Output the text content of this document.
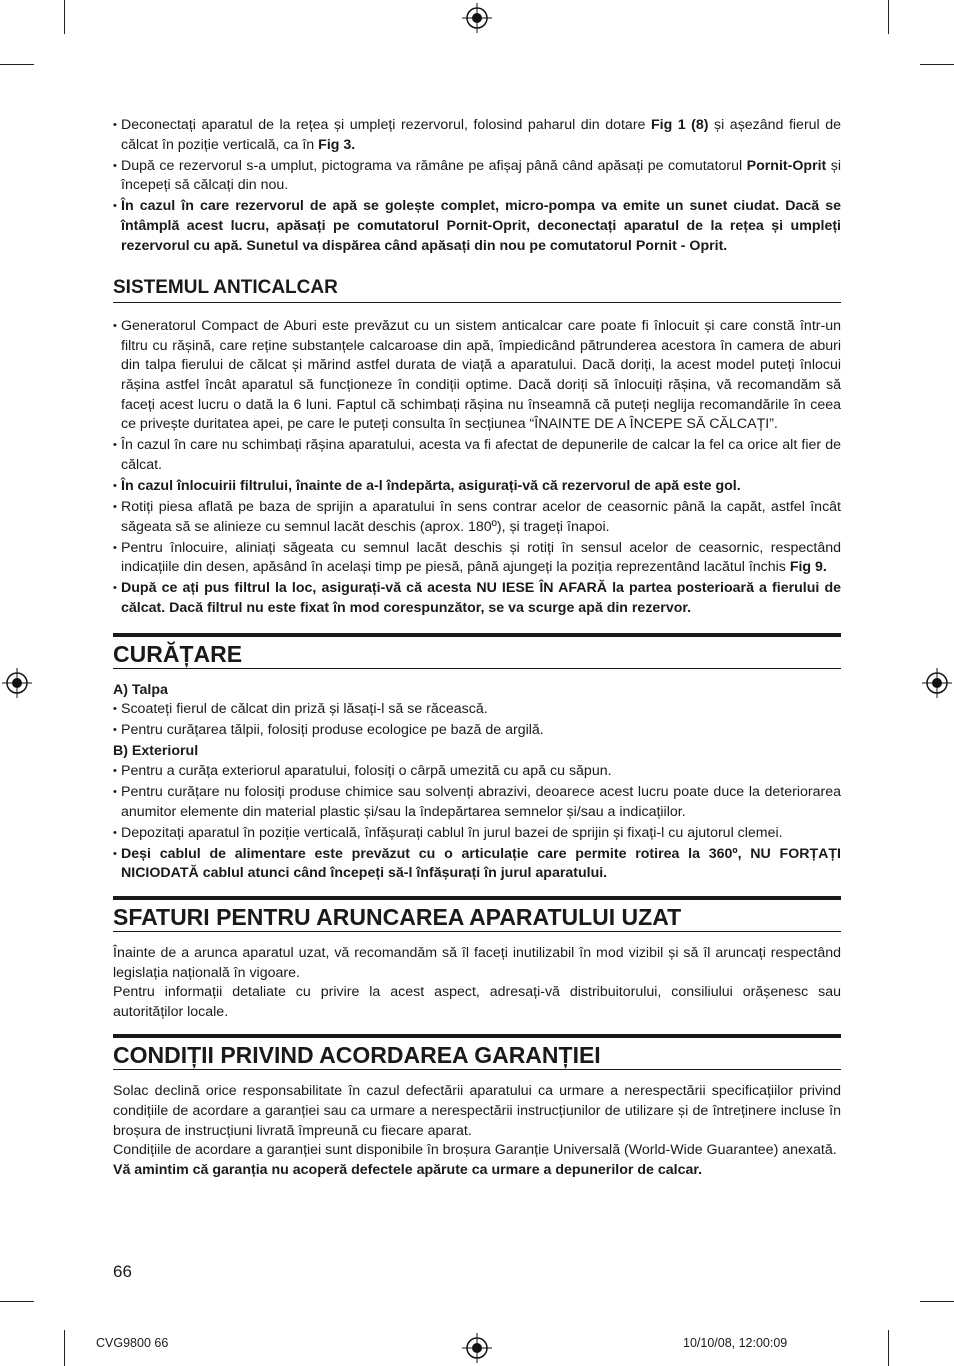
• Deconectați aparatul de la rețea și umpleți rezervorul, folosind paharul din dotare Fig 1 (8) și așezând fierul de călcat în poziție verticală, ca în Fig 3.
• După ce rezervorul s-a umplut, pictograma va rămâne pe afișaj până când apăsați pe comutatorul Pornit-Oprit și începeți să călcați din nou.
• În cazul în care rezervorul de apă se golește complet, micro-pompa va emite un sunet ciudat. Dacă se întâmplă acest lucru, apăsați pe comutatorul Pornit-Oprit, deconectați aparatul de la rețea și umpleți rezervorul cu apă. Sunetul va dispărea când apăsați din nou pe comutatorul Pornit - Oprit.
SISTEMUL ANTICALCAR
• Generatorul Compact de Aburi este prevăzut cu un sistem anticalcar care poate fi înlocuit și care constă într-un filtru cu rășină, care reține substanțele calcaroase din apă, împiedicând pătrunderea acestora în camera de aburi din talpa fierului de călcat și mărind astfel durata de viață a aparatului. Dacă doriți, la acest model puteți înlocui rășina astfel încât aparatul să funcționeze în condiții optime. Dacă doriți să înlocuiți rășina, vă recomandăm să faceți acest lucru o dată la 6 luni. Faptul că schimbați rășina nu înseamnă că puteți neglija recomandările în ceea ce privește duritatea apei, pe care le puteți consulta în secțiunea “ÎNAINTE DE A ÎNCEPE SĂ CĂLCAȚI”.
• În cazul în care nu schimbați rășina aparatului, acesta va fi afectat de depunerile de calcar la fel ca orice alt fier de călcat.
• În cazul înlocuirii filtrului, înainte de a-l îndepărta, asigurați-vă că rezervorul de apă este gol.
• Rotiți piesa aflată pe baza de sprijin a aparatului în sens contrar acelor de ceasornic până la capăt, astfel încât săgeata să se alinieze cu semnul lacăt deschis (aprox. 180º), și trageți înapoi.
• Pentru înlocuire, aliniați săgeata cu semnul lacăt deschis și rotiți în sensul acelor de ceasornic, respectând indicațiile din desen, apăsând în același timp pe piesă, până ajungeți la poziția reprezentând lacătul închis Fig 9.
• După ce ați pus filtrul la loc, asigurați-vă că acesta NU IESE ÎN AFARĂ la partea posterioară a fierului de călcat. Dacă filtrul nu este fixat în mod corespunzător, se va scurge apă din rezervor.
CURĂȚARE
A) Talpa
• Scoateți fierul de călcat din priză și lăsați-l să se răcească.
• Pentru curățarea tălpii, folosiți produse ecologice pe bază de argilă.
B) Exteriorul
• Pentru a curăța exteriorul aparatului, folosiți o cârpă umezită cu apă cu săpun.
• Pentru curățare nu folosiți produse chimice sau solvenți abrazivi, deoarece acest lucru poate duce la deteriorarea anumitor elemente din material plastic și/sau la îndepărtarea semnelor și/sau a indicațiilor.
• Depozitați aparatul în poziție verticală, înfășurați cablul în jurul bazei de sprijin și fixați-l cu ajutorul clemei.
• Deși cablul de alimentare este prevăzut cu o articulație care permite rotirea la 360º, NU FORȚAȚI NICIODATĂ cablul atunci când începeți să-l înfășurați în jurul aparatului.
SFATURI PENTRU ARUNCAREA APARATULUI UZAT

Înainte de a arunca aparatul uzat, vă recomandăm să îl faceți inutilizabil în mod vizibil și să îl aruncați respectând legislația națională în vigoare.

Pentru informații detaliate cu privire la acest aspect, adresați-vă distribuitorului, consiliului orășenesc sau autorităților locale.

CONDIȚII PRIVIND ACORDAREA GARANȚIEI

Solac declină orice responsabilitate în cazul defectării aparatului ca urmare a nerespectării specificațiilor privind condițiile de acordare a garanției sau ca urmare a nerespectării instrucțiunilor de utilizare și de întreținere incluse în broșura de instrucțiuni livrată împreună cu fiecare aparat.

Condițiile de acordare a garanției sunt disponibile în broșura Garanție Universală (World-Wide Guarantee) anexată.

Vă amintim că garanția nu acoperă defectele apărute ca urmare a depunerilor de calcar.

66
CVG9800 66	10/10/08, 12:00:09
